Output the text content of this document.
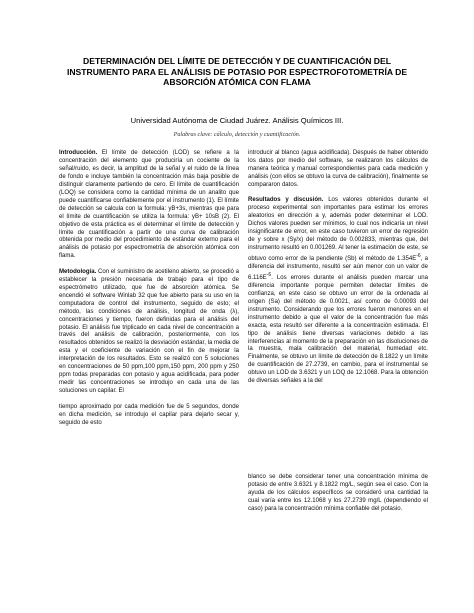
DETERMINACIÓN DEL LÍMITE DE DETECCIÓN Y DE CUANTIFICACIÓN DEL INSTRUMENTO PARA EL ANÁLISIS DE POTASIO POR ESPECTROFOTOMETRÍA DE ABSORCIÓN ATÓMICA CON FLAMA
Universidad Autónoma de Ciudad Juárez. Análisis Químicos III.
Palabras clave: cálculo, detección y cuantificación.

Introducción. El límite de detección (LOD) se refiere a la concentración del elemento que produciría un cociente de la señal/ruido, es decir, la amplitud de la señal y el ruido de la línea de fondo e incluye también la concentración más baja posible de distinguir claramente partiendo de cero. El límite de cuantificación (LOQ) se considera como la cantidad mínima de un analito que puede cuantificarse confiablemente por el instrumento (1). El límite de detección se calcula con la formula: yB+3s, mientras que para el límite de cuantificación se utiliza la formula: yB+ 10sB (2). El objetivo de esta práctica es el determinar el límite de detección y límite de cuantificación a partir de una curva de calibración obtenida por medio del procedimiento de estándar externo para el análisis de potasio por espectrometría de absorción atómica con flama.

Metodología. Con el suministro de acetileno abierto, se procedió a establecer la presión necesaria de trabajo para el tipo de espectrómetro utilizado, que fue de absorción atómica. Se encendió el software Winlab 32 que fue abierto para su uso en la computadora de control del instrumento, seguido de esto; el método, las condiciones de análisis, longitud de onda (λ), concentraciones y tiempo, fueron definidas para el análisis del potasio. El análisis fue triplicado en cada nivel de concentración a través del análisis de calibración, posteriormente, con los resultados obtenidos se realizó la desviación estándar, la media de esta y el coeficiente de variación con el fin de mejorar la interpretación de los resultados. Esto se realizó con 5 soluciones en concentraciones de 50 ppm,100 ppm,150 ppm, 200 ppm y 250 ppm todas preparadas con potasio y agua acidificada, para poder medir las concentraciones se introdujo en cada una de las soluciones un capilar. El

tiempo aproximado por cada medición fue de 5 segundos, donde en dicha medición, se introdujo el capilar para dejarlo secar y, seguido de esto

introducir al blanco (agua acidificada). Después de haber obtenido los datos por medio del software, se realizaron los cálculos de manera teórica y manual correspondientes para cada medición y análisis (con ellos se obtuvo la curva de calibración), finalmente se compararon datos.

Resultados y discusión. Los valores obtenidos durante el proceso experimental son importantes para estimar los errores aleatorios en dirección a y, además poder determinar el LOD. Dichos valores pueden ser mínimos, lo cual nos indicaría un nivel insignificante de error, en este caso tuvieron un error de regresión de y sobre x (Sy/x) del método de 0.002833, mientras que, del instrumento resultó en 0.001269. Al tener la estimación de este, se obtuvo como error de la pendiente (Sb) el método de $1.354E^{-6}$, a diferencia del instrumento, resultó ser aún menor con un valor de $6.116E^{-6}$. Los errores durante el análisis pueden marcar una diferencia importante porque permiten detectar límites de confianza, en este caso se obtuvo un error de la ordenada al origen (Sa) del método de 0.0021, así como de 0.00093 del instrumento. Considerando que los errores fueron menores en el instrumento debido a que el valor de la concentración fue más exacta, esta resultó ser diferente a la concentración estimada. El tipo de análisis tiene diversas variaciones debido a las interferencias al momento de la preparación en las disoluciones de la muestra, mala calibración del material, humedad etc. Finalmente, se obtuvo un límite de detección de 8.1822 y un límite de cuantificación de 27.2739, en cambio, para el instrumental se obtuvo un LOD de 3.6321 y un LOQ de 12.1068. Para la obtención de diversas señales a la del

blanco se debe considerar tener una concentración mínima de potasio de entre 3.6321 y 8.1822 mg/L, según sea el caso. Con la ayuda de los cálculos específicos se consideró una cantidad la cual varía entre los 12.1068 y los 27.2739 mg/L (dependiendo el caso) para la concentración mínima confiable del potasio.
